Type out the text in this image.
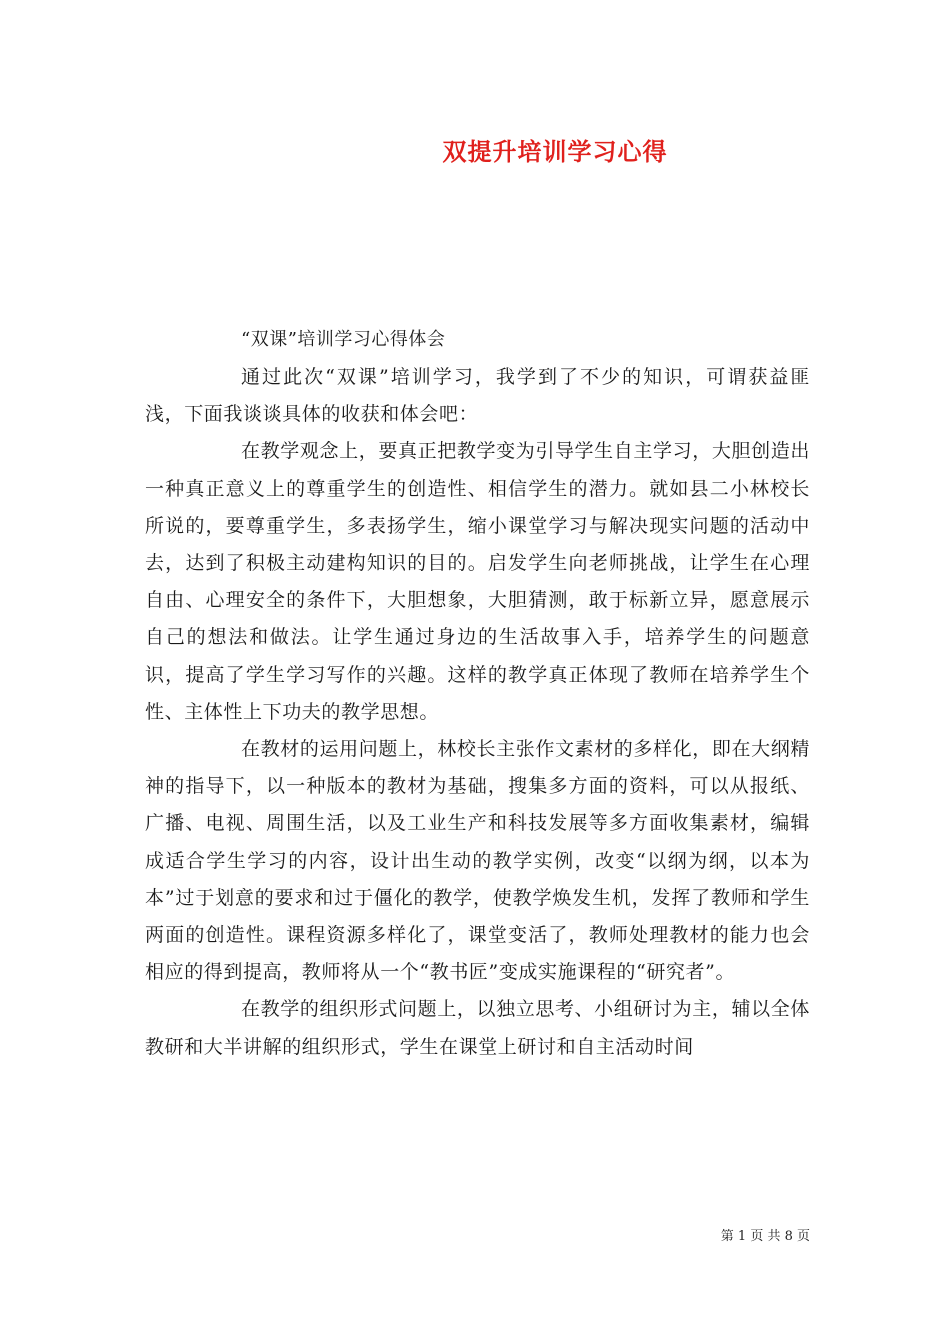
双提升培训学习心得

“双课”培训学习心得体会

通过此次“双课”培训学习，我学到了不少的知识，可谓获益匪浅，下面我谈谈具体的收获和体会吧：

在教学观念上，要真正把教学变为引导学生自主学习，大胆创造出一种真正意义上的尊重学生的创造性、相信学生的潜力。就如县二小林校长所说的，要尊重学生，多表扬学生，缩小课堂学习与解决现实问题的活动中去，达到了积极主动建构知识的目的。启发学生向老师挑战，让学生在心理自由、心理安全的条件下，大胆想象，大胆猜测，敢于标新立异，愿意展示自己的想法和做法。让学生通过身边的生活故事入手，培养学生的问题意识，提高了学生学习写作的兴趣。这样的教学真正体现了教师在培养学生个性、主体性上下功夫的教学思想。

在教材的运用问题上，林校长主张作文素材的多样化，即在大纲精神的指导下，以一种版本的教材为基础，搜集多方面的资料，可以从报纸、广播、电视、周围生活，以及工业生产和科技发展等多方面收集素材，编辑成适合学生学习的内容，设计出生动的教学实例，改变“以纲为纲，以本为本”过于划意的要求和过于僵化的教学，使教学焕发生机，发挥了教师和学生两面的创造性。课程资源多样化了，课堂变活了，教师处理教材的能力也会相应的得到提高，教师将从一个“教书匠”变成实施课程的“研究者”。

在教学的组织形式问题上，以独立思考、小组研讨为主，辅以全体教研和大半讲解的组织形式，学生在课堂上研讨和自主活动时间

第 1 页 共 8 页
